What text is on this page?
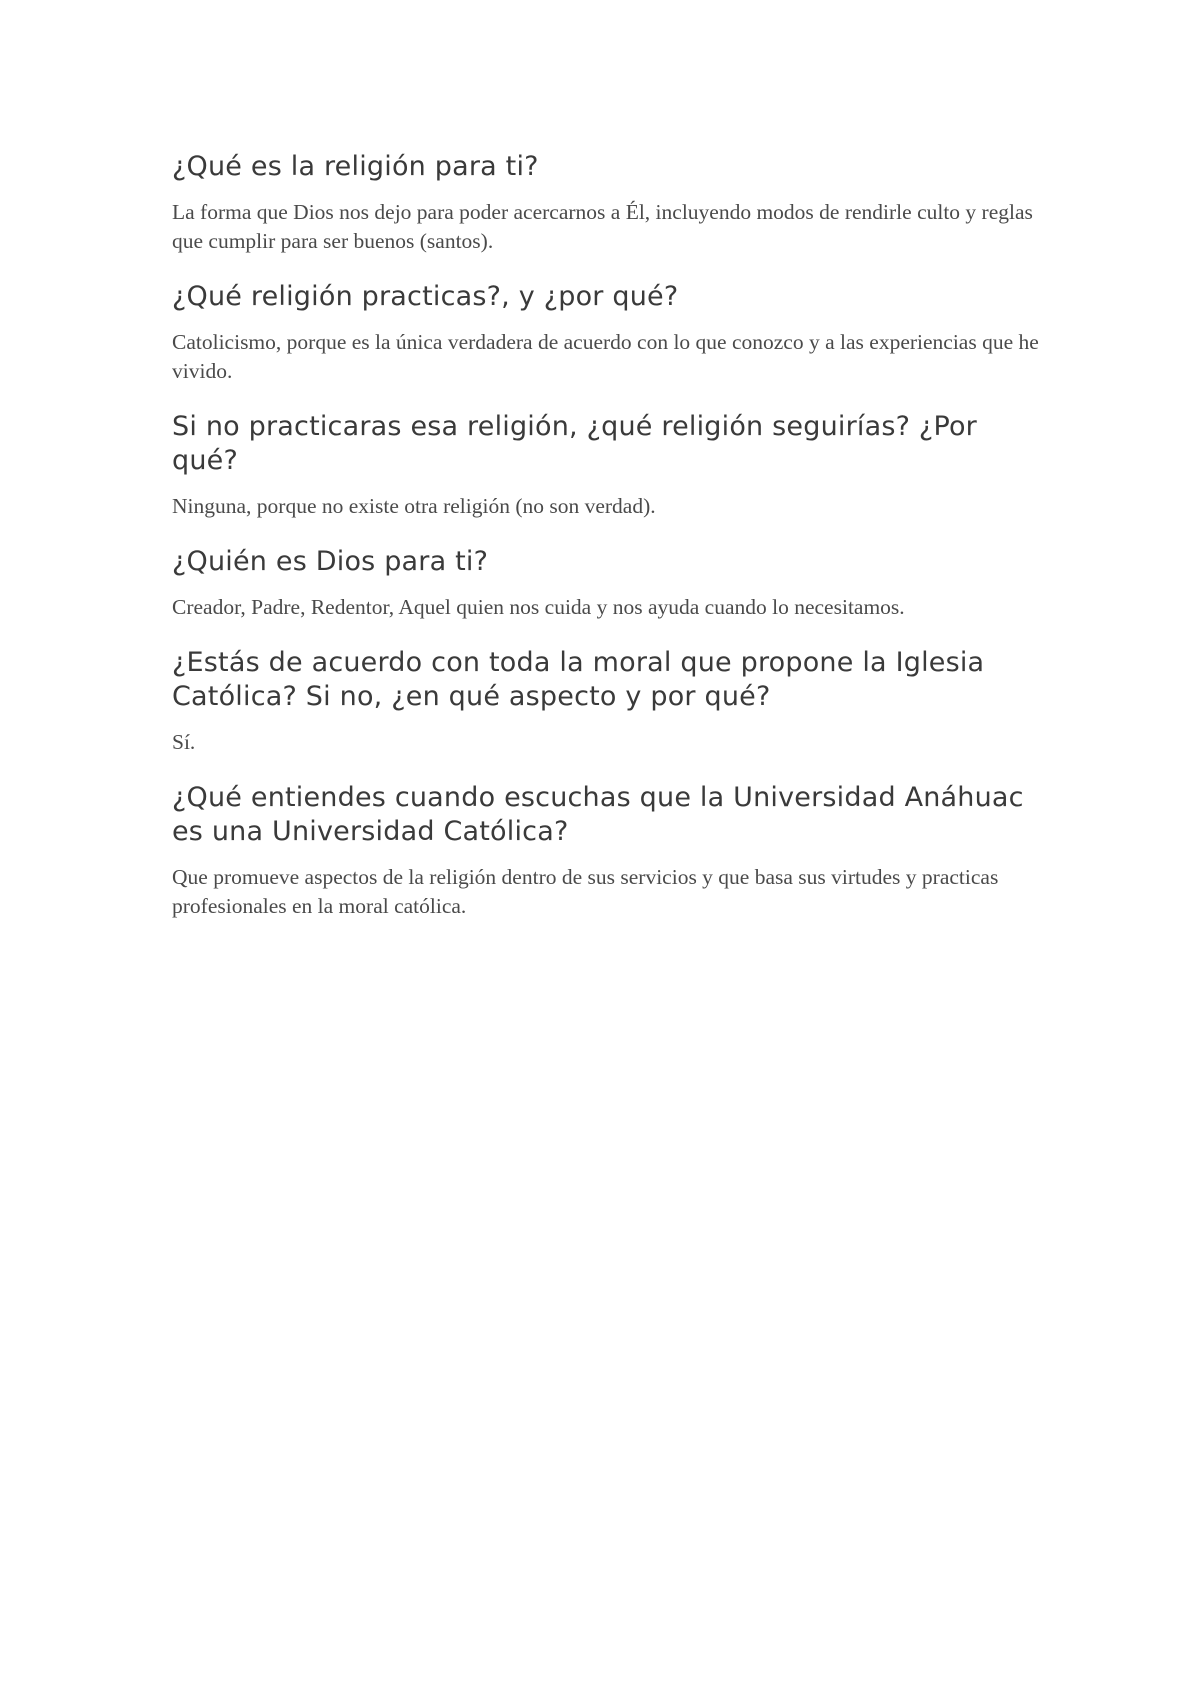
¿Qué es la religión para ti?

La forma que Dios nos dejo para poder acercarnos a Él, incluyendo modos de rendirle culto y reglas que cumplir para ser buenos (santos).

¿Qué religión practicas?, y ¿por qué?

Catolicismo, porque es la única verdadera de acuerdo con lo que conozco y a las experiencias que he vivido.

Si no practicaras esa religión, ¿qué religión seguirías? ¿Por qué?

Ninguna, porque no existe otra religión (no son verdad).

¿Quién es Dios para ti?

Creador, Padre, Redentor, Aquel quien nos cuida y nos ayuda cuando lo necesitamos.

¿Estás de acuerdo con toda la moral que propone la Iglesia Católica? Si no, ¿en qué aspecto y por qué?

Sí.

¿Qué entiendes cuando escuchas que la Universidad Anáhuac es una Universidad Católica?

Que promueve aspectos de la religión dentro de sus servicios y que basa sus virtudes y practicas profesionales en la moral católica.
